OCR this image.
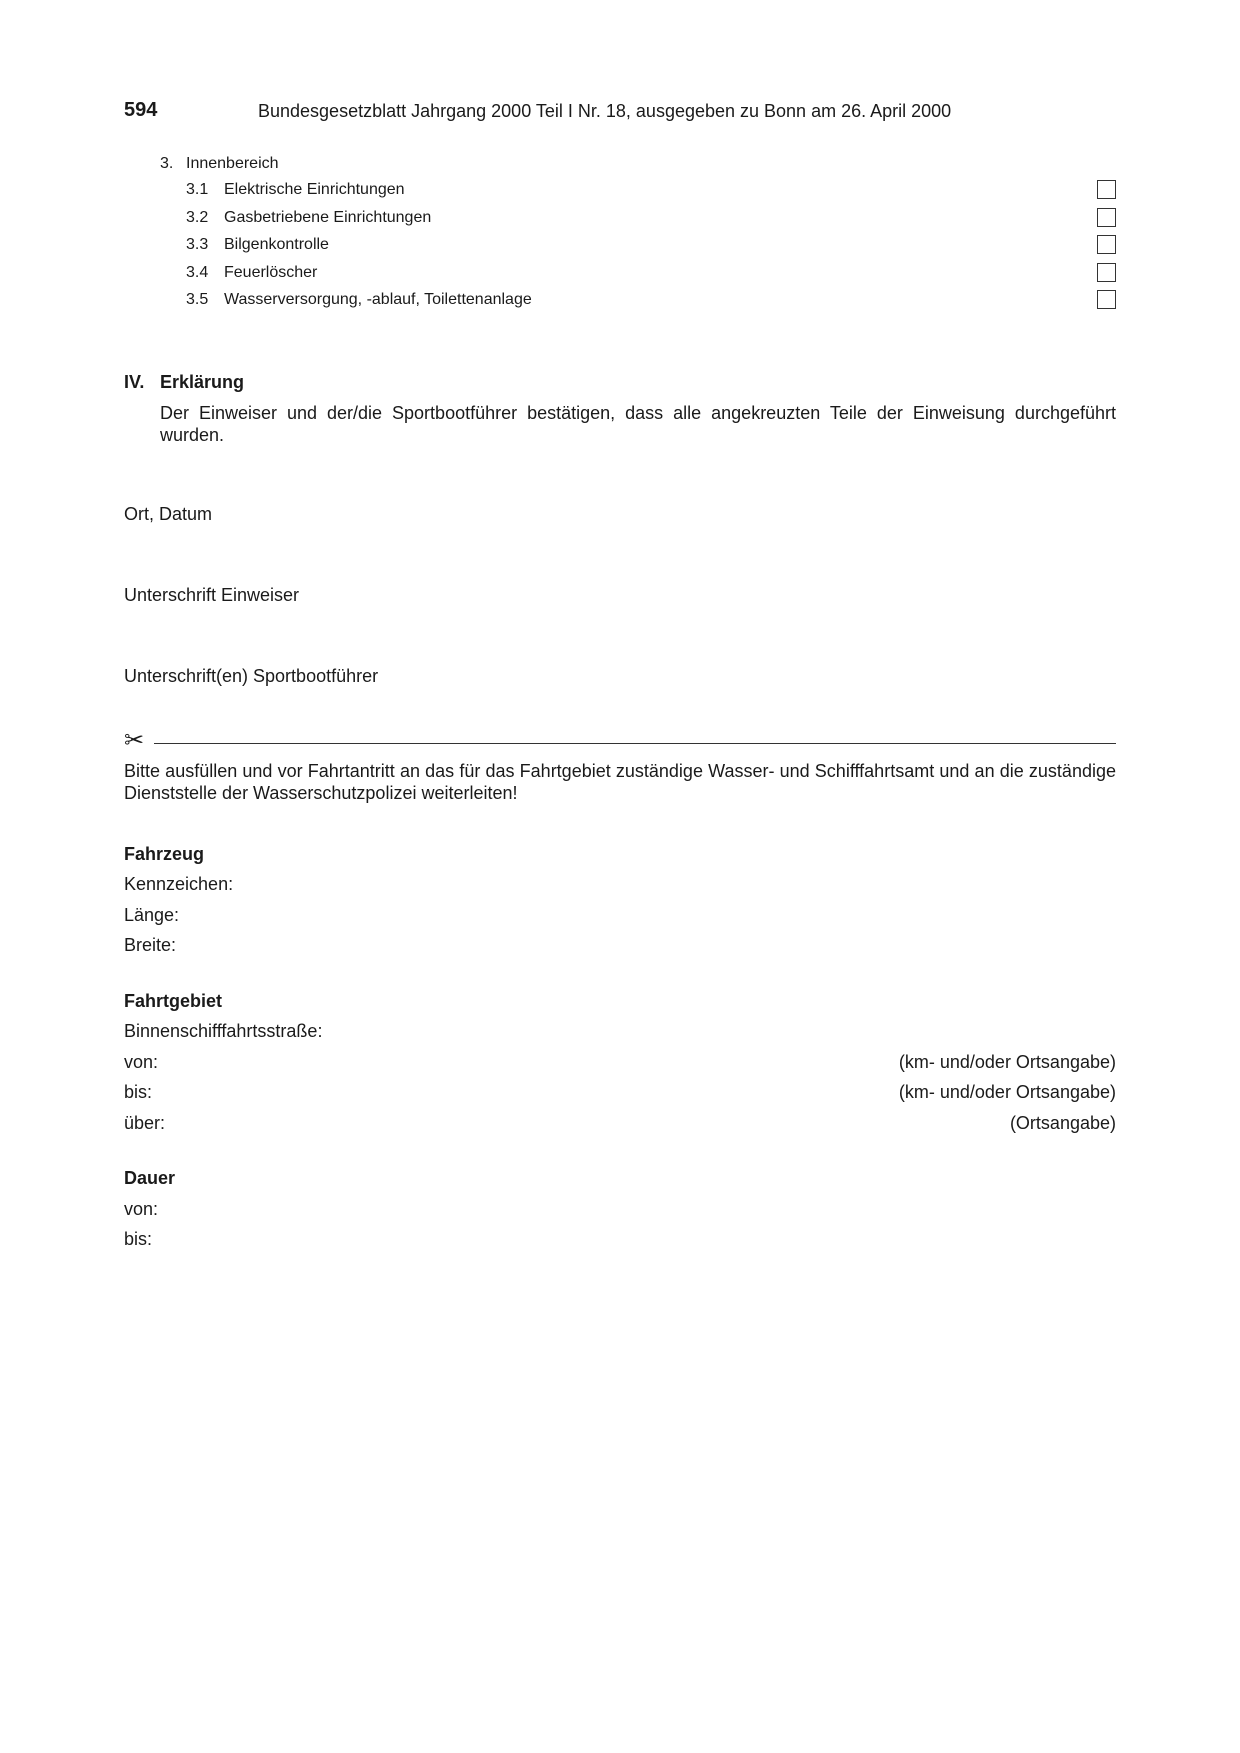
594	Bundesgesetzblatt Jahrgang 2000 Teil I Nr. 18, ausgegeben zu Bonn am 26. April 2000
3. Innenbereich
3.1 Elektrische Einrichtungen
3.2 Gasbetriebene Einrichtungen
3.3 Bilgenkontrolle
3.4 Feuerlöscher
3.5 Wasserversorgung, -ablauf, Toilettenanlage
IV. Erklärung
Der Einweiser und der/die Sportbootführer bestätigen, dass alle angekreuzten Teile der Einweisung durchgeführt wurden.
Ort, Datum
Unterschrift Einweiser
Unterschrift(en) Sportbootführer
✂
Bitte ausfüllen und vor Fahrtantritt an das für das Fahrtgebiet zuständige Wasser- und Schifffahrtsamt und an die zuständige Dienststelle der Wasserschutzpolizei weiterleiten!
Fahrzeug
Kennzeichen:
Länge:
Breite:
Fahrtgebiet
Binnenschifffahrtsstraße:
von:	(km- und/oder Ortsangabe)
bis:	(km- und/oder Ortsangabe)
über:	(Ortsangabe)
Dauer
von:
bis:
